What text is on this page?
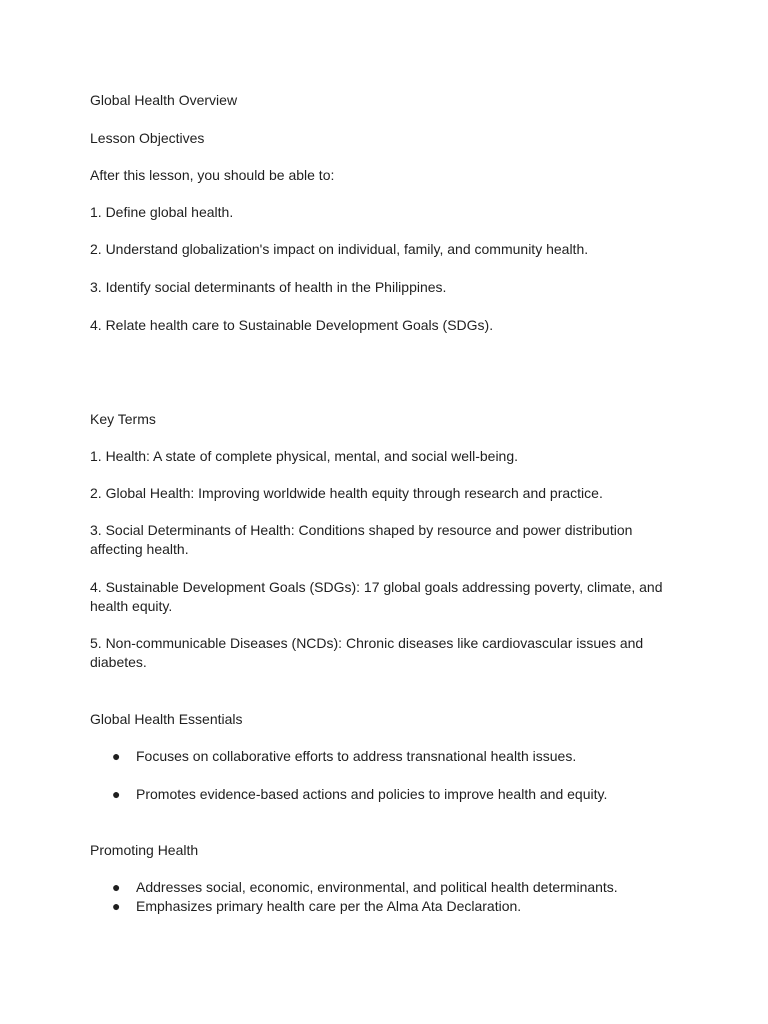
Global Health Overview

Lesson Objectives

After this lesson, you should be able to:

1. Define global health.

2. Understand globalization's impact on individual, family, and community health.

3. Identify social determinants of health in the Philippines.

4. Relate health care to Sustainable Development Goals (SDGs).

Key Terms

1. Health: A state of complete physical, mental, and social well-being.

2. Global Health: Improving worldwide health equity through research and practice.

3. Social Determinants of Health: Conditions shaped by resource and power distribution affecting health.

4. Sustainable Development Goals (SDGs): 17 global goals addressing poverty, climate, and health equity.

5. Non-communicable Diseases (NCDs): Chronic diseases like cardiovascular issues and diabetes.

Global Health Essentials

●	Focuses on collaborative efforts to address transnational health issues.
●	Promotes evidence-based actions and policies to improve health and equity.

Promoting Health

●	Addresses social, economic, environmental, and political health determinants.
●	Emphasizes primary health care per the Alma Ata Declaration.
